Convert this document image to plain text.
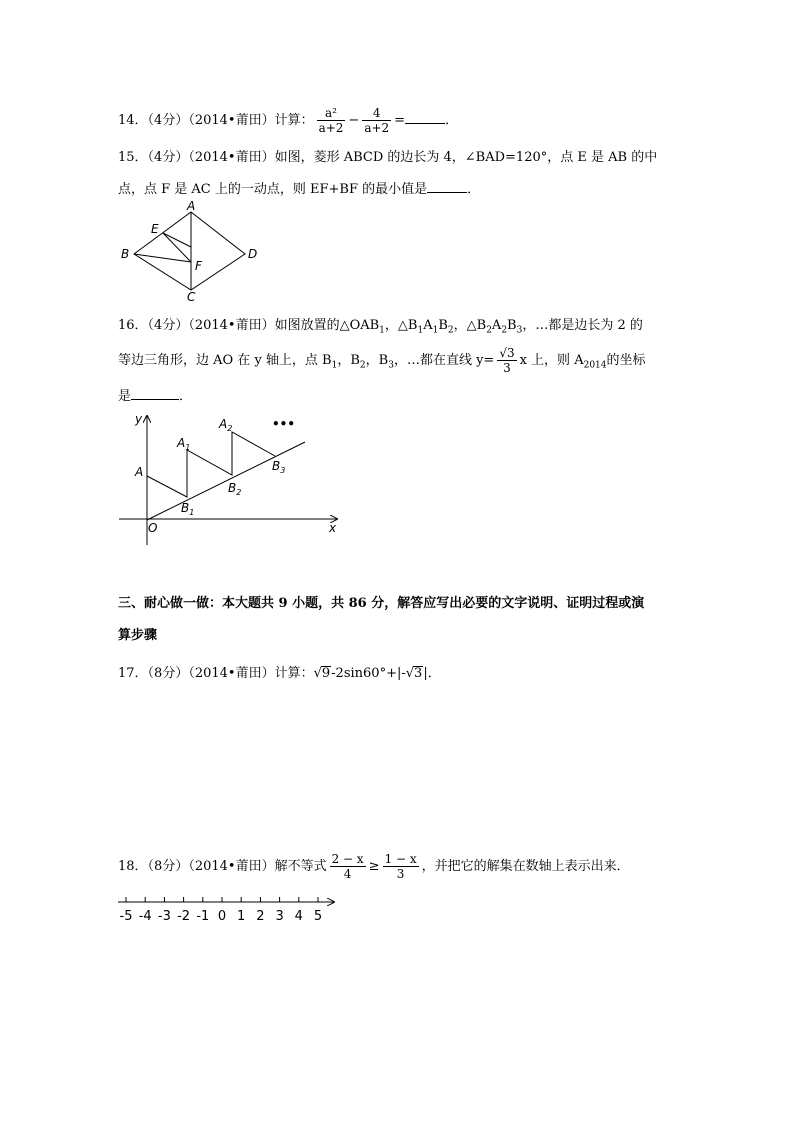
14．（4分）（2014•莆田）计算： $\frac{\text{a²}}{a+2} - \frac{4}{a+2}$ =	．
15．（4分）（2014•莆田）如图，菱形 ABCD 的边长为 4，∠BAD=120°，点 E 是 AB 的中
点，点 F 是 AC 上的一动点，则 EF+BF 的最小值是	．
A
B
C
D
E
F
16．（4分）（2014•莆田）如图放置的$\triangle OAB_1$，$\triangle B_1A_1B_2$，$\triangle B_2A_2B_3$，…都是边长为 2 的
等边三角形，边 AO 在 y 轴上，点 $B_1$，$B_2$，$B_3$，…都在直线 $y= \frac{√3}{3}$ x 上，则 $A_{2014}$的坐标
是	．
y
x
O
A
$A_1$
$A_2$
$B_1$
$B_2$
$B_3$
•••
三、耐心做一做：本大题共 9 小题，共 86 分，解答应写出必要的文字说明、证明过程或演
算步骤
17．（8分）（2014•莆田）计算：√9-2sin60°+|-√3|．
18．（8分）（2014•莆田）解不等式 $\frac{2 - x}{4} \ge \frac{1 - x}{3}$ ，并把它的解集在数轴上表示出来．
-5 -4 -3 -2 -1 0 1 2 3 4 5
